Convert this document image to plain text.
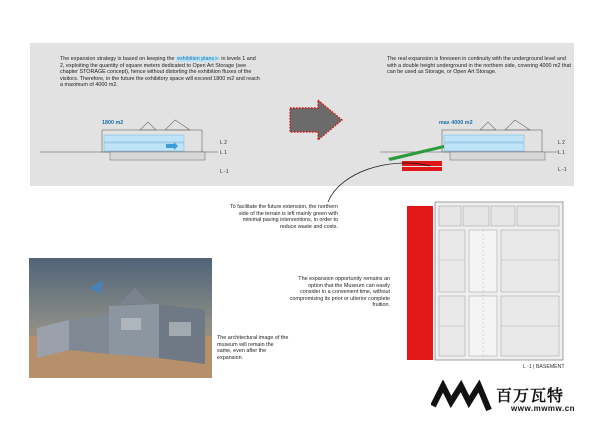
The expansion strategy is based on keeping the exhibition plans▶ in levels 1 and 2, exploiting the quantity of square meters dedicated to Open Art Storage (see chapter STORAGE concept), hence without distorting the exhibition fluxes of the visitors. Therefore, in the future the exhibitory space will exceed 1800 m2 and reach a maximum of 4000 m2.
The real expansion is foreseen in continuity with the underground level and with a double height underground in the northern side, covering 4000 m2 that can be used as Storage, or Open Art Storage.
1800 m2	max 4000 m2
L 2
L 1
L -1
L 2
L 1
L -1
To facilitate the future extension, the northern side of the terrain is left mainly green with minimal paving interventions, in order to reduce waste and costs.
The architectural image of the museum will remain the same, even after the expansion.
The expansion opportunity remains an option that the Museum can easily consider in a convenient time, without compromising its prior or ulterior complete fruition.
L -1 | BASEMENT
百万瓦特
www.mwmw.cn
